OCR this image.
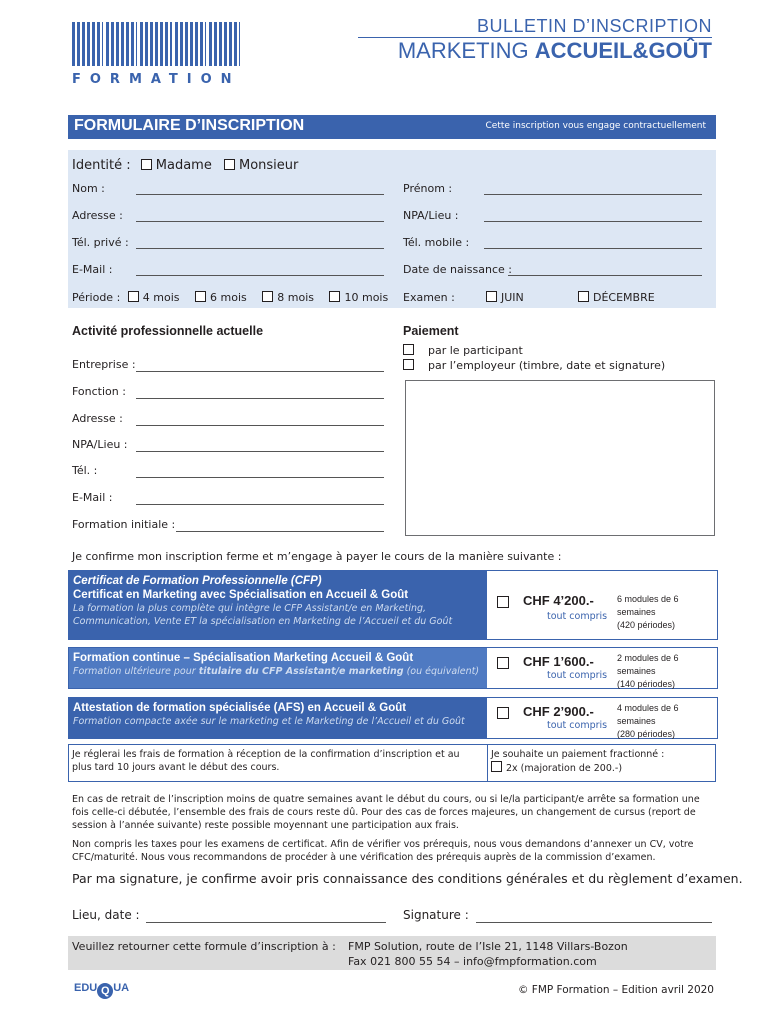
FORMATION
BULLETIN D’INSCRIPTION
MARKETING ACCUEIL&GOÛT
FORMULAIRE D’INSCRIPTION	Cette inscription vous engage contractuellement
Identité : Madame Monsieur
Nom :	Prénom :
Adresse :	NPA/Lieu :
Tél. privé :	Tél. mobile :
E-Mail :	Date de naissance :
Période : 4 mois	6 mois	8 mois	10 mois Examen :	JUIN	DÉCEMBRE
Activité professionnelle actuelle
Entreprise :
Fonction :
Adresse :
NPA/Lieu :
Tél. :
E-Mail :
Formation initiale :
Paiement
par le participant
par l’employeur (timbre, date et signature)
Je confirme mon inscription ferme et m’engage à payer le cours de la manière suivante :
Certificat de Formation Professionnelle (CFP)
Certificat en Marketing avec Spécialisation en Accueil & Goût
La formation la plus complète qui intègre le CFP Assistant/e en Marketing,
Communication, Vente ET la spécialisation en Marketing de l’Accueil et du Goût
CHF 4’200.-
tout compris
6 modules de 6 semaines
(420 périodes)
Formation continue – Spécialisation Marketing Accueil & Goût
Formation ultérieure pour titulaire du CFP Assistant/e marketing (ou équivalent)
CHF 1’600.-
tout compris
2 modules de 6 semaines
(140 périodes)
Attestation de formation spécialisée (AFS) en Accueil & Goût
Formation compacte axée sur le marketing et le Marketing de l’Accueil et du Goût
CHF 2’900.-
tout compris
4 modules de 6 semaines
(280 périodes)
Je réglerai les frais de formation à réception de la confirmation d’inscription et au
plus tard 10 jours avant le début des cours.
Je souhaite un paiement fractionné :
2x (majoration de 200.-)
En cas de retrait de l’inscription moins de quatre semaines avant le début du cours, ou si le/la participant/e arrête sa formation une
fois celle-ci débutée, l’ensemble des frais de cours reste dû. Pour des cas de forces majeures, un changement de cursus (report de
session à l’année suivante) reste possible moyennant une participation aux frais.
Non compris les taxes pour les examens de certificat. Afin de vérifier vos prérequis, nous vous demandons d’annexer un CV, votre
CFC/maturité. Nous vous recommandons de procéder à une vérification des prérequis auprès de la commission d’examen.
Par ma signature, je confirme avoir pris connaissance des conditions générales et du règlement d’examen.
Lieu, date :	Signature :
Veuillez retourner cette formule d’inscription à : FMP Solution, route de l’Isle 21, 1148 Villars-Bozon
Fax 021 800 55 54 – info@fmpformation.com
EDU Q UA	© FMP Formation – Edition avril 2020
